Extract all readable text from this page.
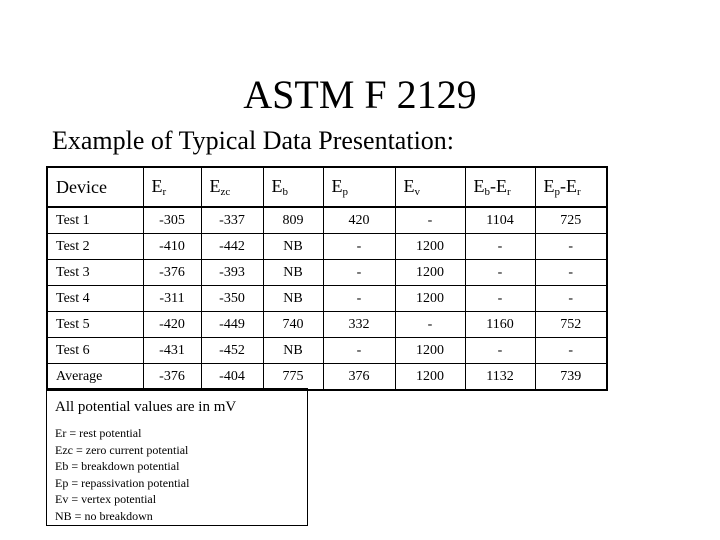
ASTM F 2129
Example of Typical Data Presentation:
Device	$E_r$	$E_{zc}$	$E_b$	$E_p$	$E_v$	$E_b-E_r$	$E_p-E_r$
Test 1	-305	-337	809	420	-	1104	725
Test 2	-410	-442	NB	-	1200	-	-
Test 3	-376	-393	NB	-	1200	-	-
Test 4	-311	-350	NB	-	1200	-	-
Test 5	-420	-449	740	332	-	1160	752
Test 6	-431	-452	NB	-	1200	-	-
Average	-376	-404	775	376	1200	1132	739
All potential values are in mV
Er = rest potential
Ezc = zero current potential
Eb = breakdown potential
Ep = repassivation potential
Ev = vertex potential
NB = no breakdown
